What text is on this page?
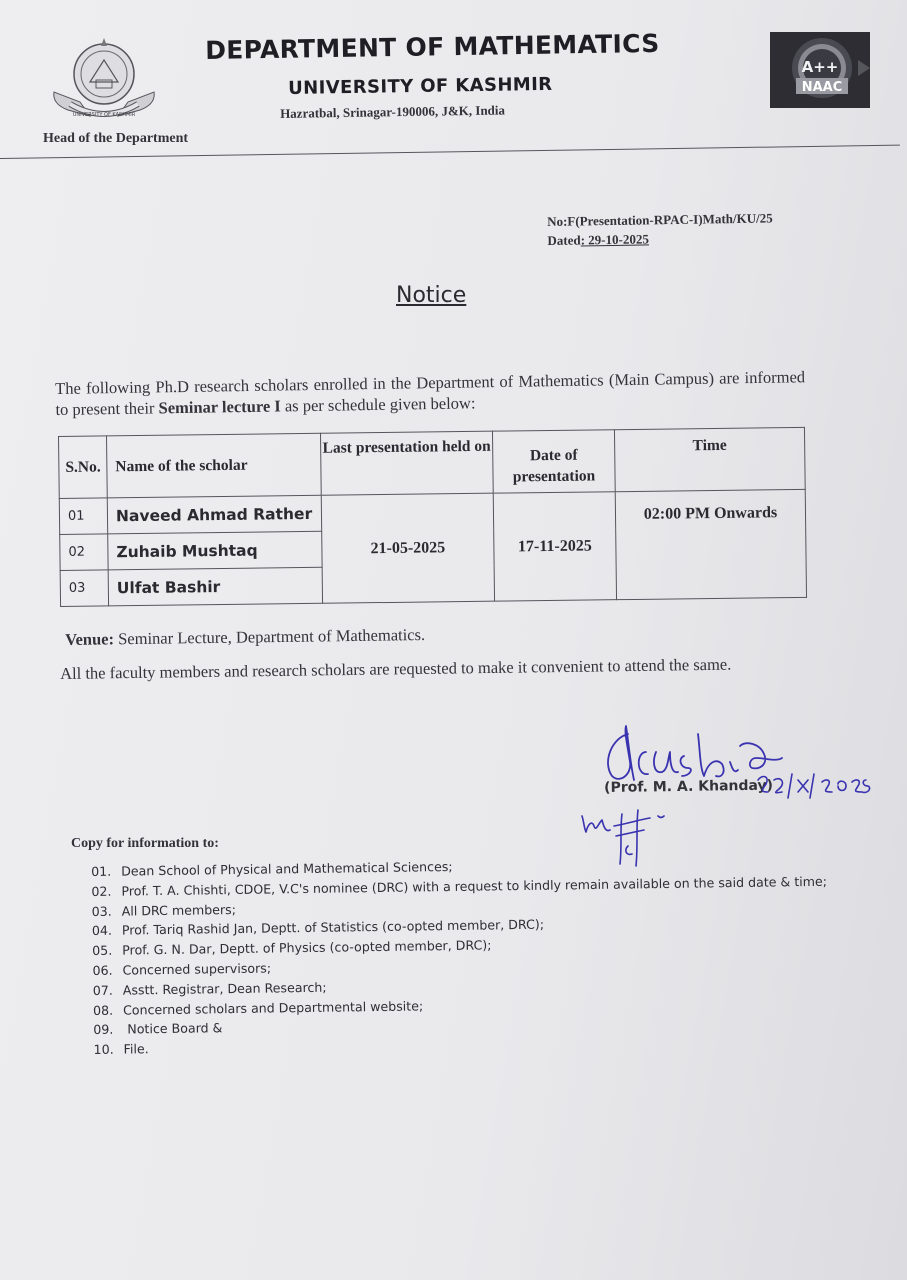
UNIVERSITY OF KASHMIR
DEPARTMENT OF MATHEMATICS
UNIVERSITY OF KASHMIR
Hazratbal, Srinagar-190006, J&K, India
A++
NAAC
Head of the Department
No:F(Presentation-RPAC-I)Math/KU/25
Dated: 29-10-2025
Notice
The following Ph.D research scholars enrolled in the Department of Mathematics (Main Campus) are informed to present their Seminar lecture I as per schedule given below:
S.No.	Name of the scholar	Last presentation held on	Date of presentation	Time
01	Naveed Ahmad Rather	21-05-2025	17-11-2025	02:00 PM Onwards
02	Zuhaib Mushtaq			
03	Ulfat Bashir			
Venue: Seminar Lecture, Department of Mathematics.
All the faculty members and research scholars are requested to make it convenient to attend the same.
(Prof. M. A. Khanday)
Copy for information to:
01. Dean School of Physical and Mathematical Sciences;
02. Prof. T. A. Chishti, CDOE, V.C's nominee (DRC) with a request to kindly remain available on the said date & time;
03. All DRC members;
04. Prof. Tariq Rashid Jan, Deptt. of Statistics (co-opted member, DRC);
05. Prof. G. N. Dar, Deptt. of Physics (co-opted member, DRC);
06. Concerned supervisors;
07. Asstt. Registrar, Dean Research;
08. Concerned scholars and Departmental website;
09. Notice Board &
10. File.
